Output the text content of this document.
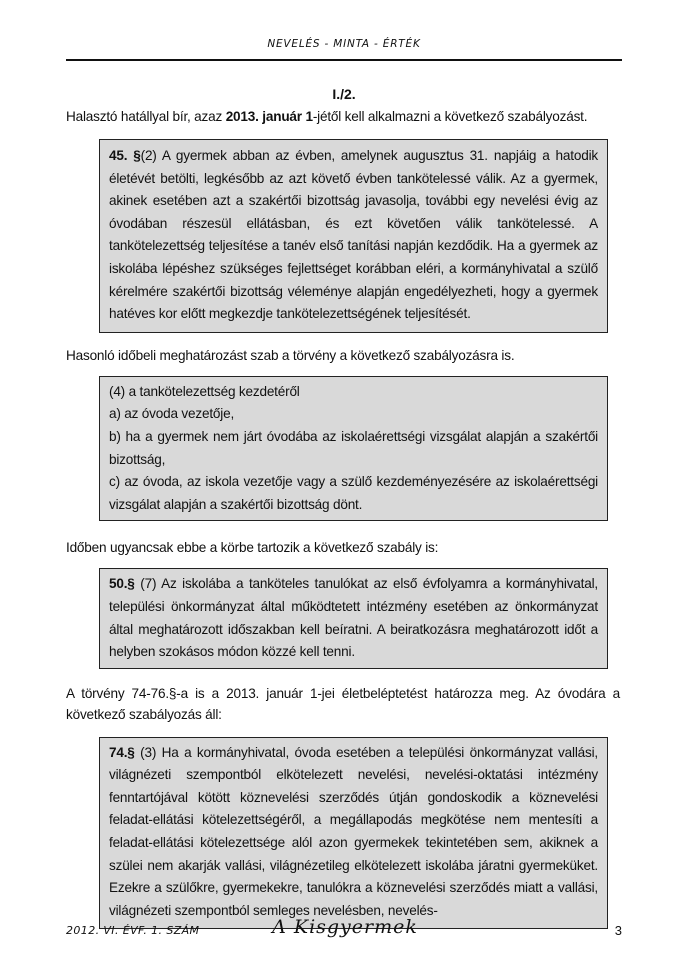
NEVELÉS - MINTA - ÉRTÉK
I./2.

Halasztó hatállyal bír, azaz 2013. január 1-jétől kell alkalmazni a következő szabályozást.

45. §(2) A gyermek abban az évben, amelynek augusztus 31. napjáig a hatodik életévét betölti, legkésőbb az azt követő évben tankötelessé válik. Az a gyermek, akinek esetében azt a szakértői bizottság javasolja, további egy nevelési évig az óvodában részesül ellátásban, és ezt követően válik tankötelessé. A tankötelezettség teljesítése a tanév első tanítási napján kezdődik. Ha a gyermek az iskolába lépéshez szükséges fejlettséget korábban eléri, a kormányhivatal a szülő kérelmére szakértői bizottság véleménye alapján engedélyezheti, hogy a gyermek hatéves kor előtt megkezdje tankötelezettségének teljesítését.

Hasonló időbeli meghatározást szab a törvény a következő szabályozásra is.

(4) a tankötelezettség kezdetéről

a) az óvoda vezetője,

b) ha a gyermek nem járt óvodába az iskolaérettségi vizsgálat alapján a szakértői bizottság,

c) az óvoda, az iskola vezetője vagy a szülő kezdeményezésére az iskolaérettségi vizsgálat alapján a szakértői bizottság dönt.

Időben ugyancsak ebbe a körbe tartozik a következő szabály is:

50.§ (7) Az iskolába a tanköteles tanulókat az első évfolyamra a kormányhivatal, települési önkormányzat által működtetett intézmény esetében az önkormányzat által meghatározott időszakban kell beíratni. A beiratkozásra meghatározott időt a helyben szokásos módon közzé kell tenni.

A törvény 74-76.§-a is a 2013. január 1-jei életbeléptetést határozza meg. Az óvodára a következő szabályozás áll:

74.§ (3) Ha a kormányhivatal, óvoda esetében a települési önkormányzat vallási, világnézeti szempontból elkötelezett nevelési, nevelési-oktatási intézmény fenntartójával kötött köznevelési szerződés útján gondoskodik a köznevelési feladat-ellátási kötelezettségéről, a megállapodás megkötése nem mentesíti a feladat-ellátási kötelezettsége alól azon gyermekek tekintetében sem, akiknek a szülei nem akarják vallási, világnézetileg elkötelezett iskolába járatni gyermeküket. Ezekre a szülőkre, gyermekekre, tanulókra a köznevelési szerződés miatt a vallási, világnézeti szempontból semleges nevelésben, nevelés-

2012. VI. ÉVF. 1. SZÁM	A Kisgyermek	3
